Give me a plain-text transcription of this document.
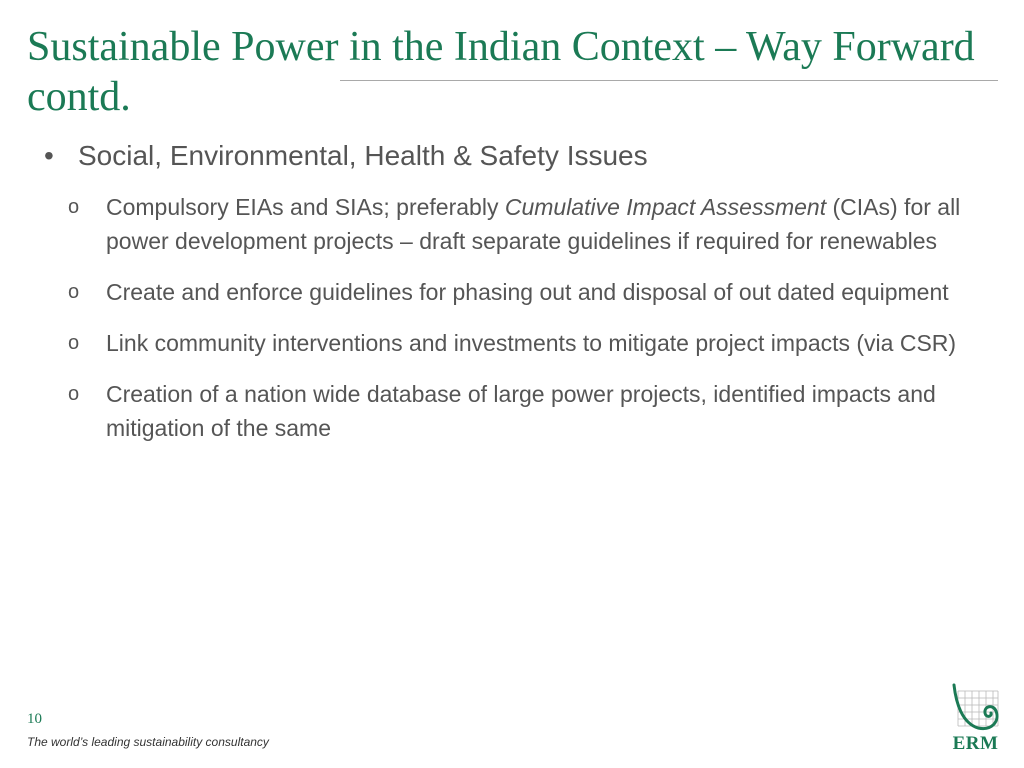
Sustainable Power in the Indian Context – Way Forward contd.
• Social, Environmental, Health & Safety Issues
o	Compulsory EIAs and SIAs; preferably Cumulative Impact Assessment (CIAs) for all power development projects – draft separate guidelines if required for renewables
o	Create and enforce guidelines for phasing out and disposal of out dated equipment
o	Link community interventions and investments to mitigate project impacts (via CSR)
o	Creation of a nation wide database of large power projects, identified impacts and mitigation of the same
10
The world’s leading sustainability consultancy	ERM
